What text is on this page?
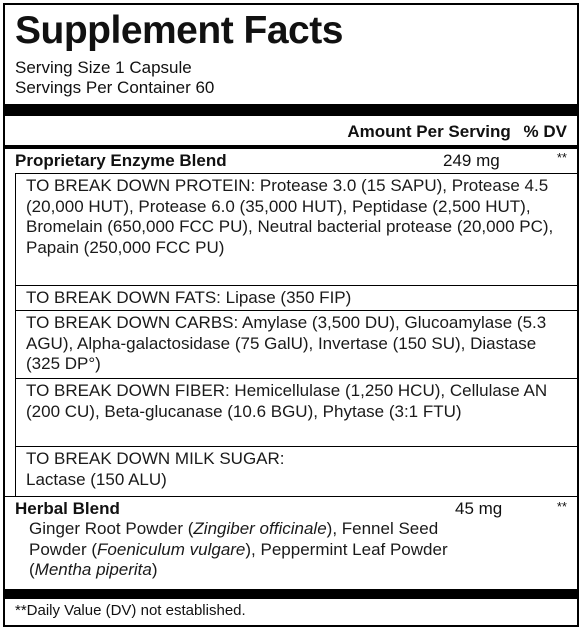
Supplement Facts
Serving Size 1 Capsule
Servings Per Container 60
Amount Per Serving % DV
Proprietary Enzyme Blend	249 mg	**
TO BREAK DOWN PROTEIN: Protease 3.0 (15 SAPU), Protease 4.5 (20,000 HUT), Protease 6.0 (35,000 HUT), Peptidase (2,500 HUT), Bromelain (650,000 FCC PU), Neutral bacterial protease (20,000 PC), Papain (250,000 FCC PU)
TO BREAK DOWN FATS: Lipase (350 FIP)
TO BREAK DOWN CARBS: Amylase (3,500 DU), Glucoamylase (5.3 AGU), Alpha-galactosidase (75 GalU), Invertase (150 SU), Diastase (325 DP°)
TO BREAK DOWN FIBER: Hemicellulase (1,250 HCU), Cellulase AN (200 CU), Beta-glucanase (10.6 BGU), Phytase (3:1 FTU)
TO BREAK DOWN MILK SUGAR: Lactase (150 ALU)
Herbal Blend	45 mg	**
Ginger Root Powder (Zingiber officinale), Fennel Seed Powder (Foeniculum vulgare), Peppermint Leaf Powder (Mentha piperita)
**Daily Value (DV) not established.
